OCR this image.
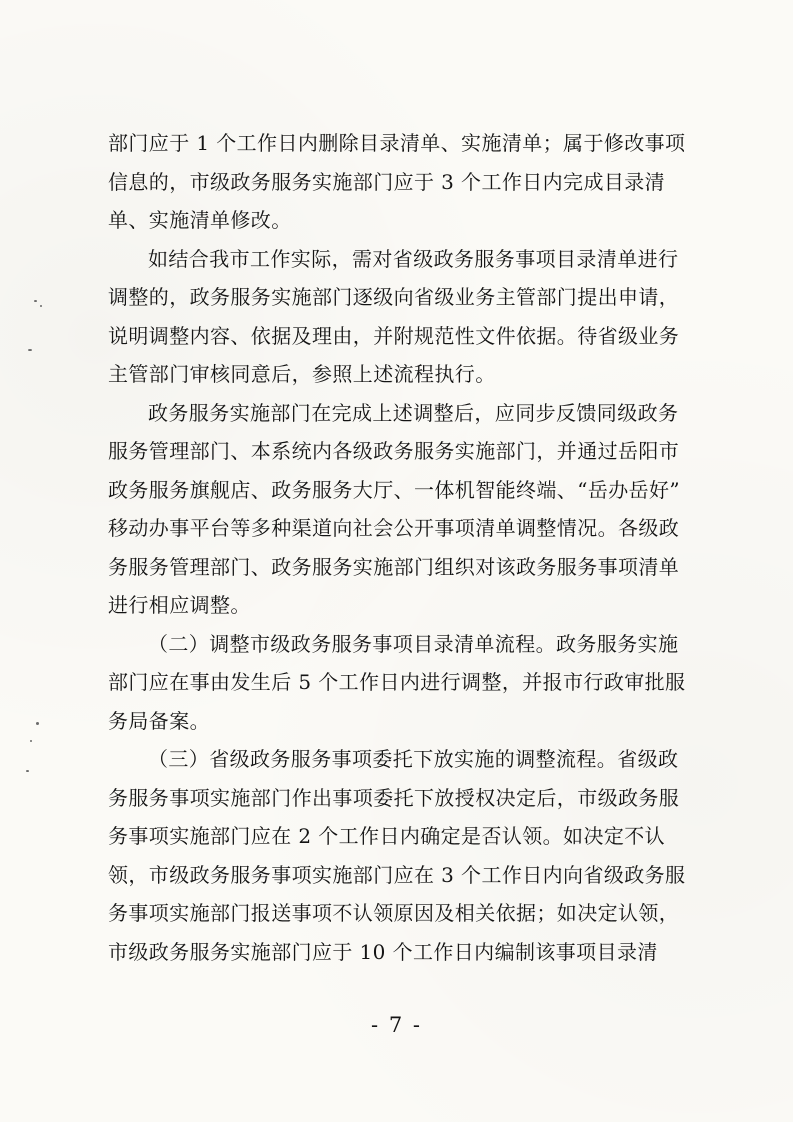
部门应于 1 个工作日内删除目录清单、实施清单；属于修改事项
信息的，市级政务服务实施部门应于 3 个工作日内完成目录清
单、实施清单修改。
如结合我市工作实际，需对省级政务服务事项目录清单进行
调整的，政务服务实施部门逐级向省级业务主管部门提出申请，
说明调整内容、依据及理由，并附规范性文件依据。待省级业务
主管部门审核同意后，参照上述流程执行。
政务服务实施部门在完成上述调整后，应同步反馈同级政务
服务管理部门、本系统内各级政务服务实施部门，并通过岳阳市
政务服务旗舰店、政务服务大厅、一体机智能终端、“岳办岳好”
移动办事平台等多种渠道向社会公开事项清单调整情况。各级政
务服务管理部门、政务服务实施部门组织对该政务服务事项清单
进行相应调整。
（二）调整市级政务服务事项目录清单流程。政务服务实施
部门应在事由发生后 5 个工作日内进行调整，并报市行政审批服
务局备案。
（三）省级政务服务事项委托下放实施的调整流程。省级政
务服务事项实施部门作出事项委托下放授权决定后，市级政务服
务事项实施部门应在 2 个工作日内确定是否认领。如决定不认
领，市级政务服务事项实施部门应在 3 个工作日内向省级政务服
务事项实施部门报送事项不认领原因及相关依据；如决定认领，
市级政务服务实施部门应于 10 个工作日内编制该事项目录清
- 7 -
